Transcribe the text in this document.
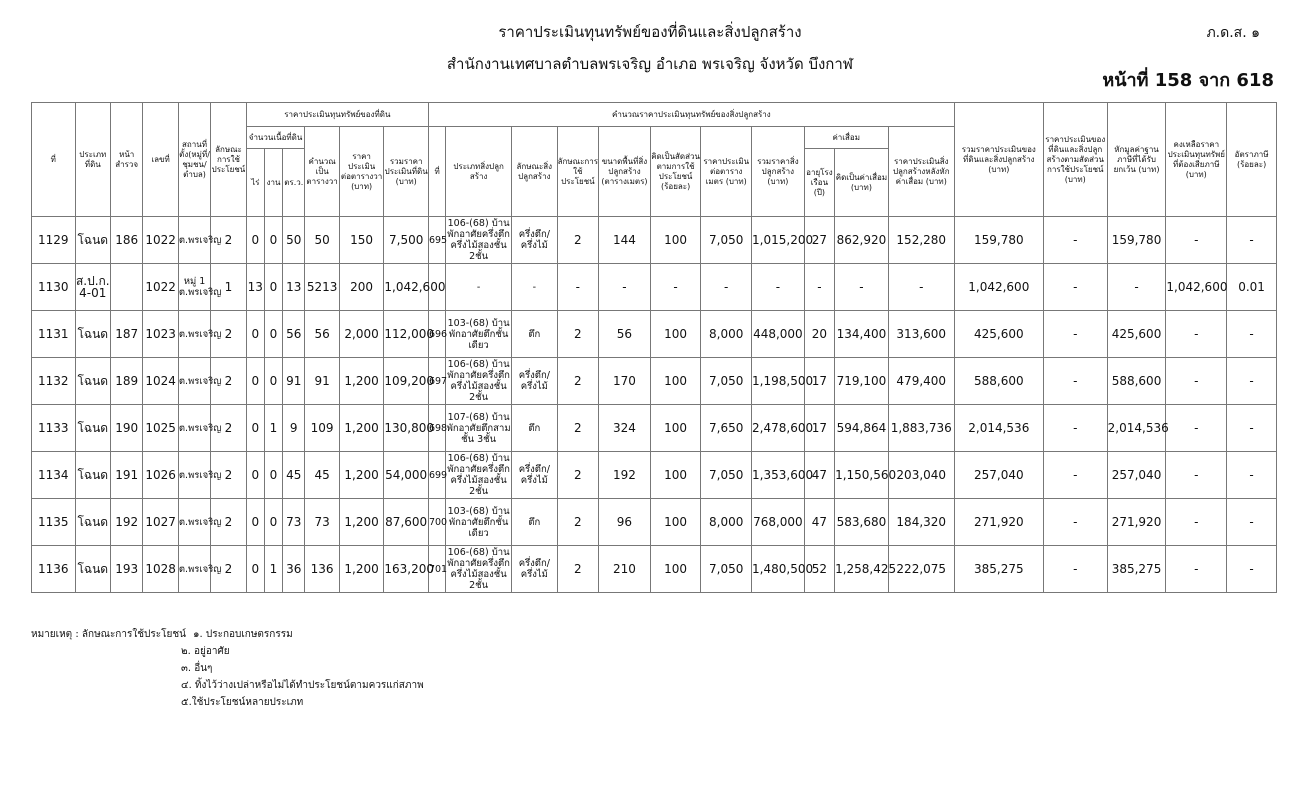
ราคาประเมินทุนทรัพย์ของที่ดินและสิ่งปลูกสร้าง
สำนักงานเทศบาลตำบลพรเจริญ อำเภอ พรเจริญ จังหวัด บึงกาฬ
ภ.ด.ส. ๑
หน้าที่ 158 จาก 618
ที่	ประเภทที่ดิน	หน้าสำรวจ	เลขที่	สถานที่ตั้ง(หมู่ที่/ชุมชน/ตำบล)	ลักษณะการใช้ประโยชน์	ราคาประเมินทุนทรัพย์ของที่ดิน						คำนวณราคาประเมินทุนทรัพย์ของสิ่งปลูกสร้าง											รวมราคาประเมินของที่ดินและสิ่งปลูกสร้าง (บาท)	ราคาประเมินของที่ดินและสิ่งปลูกสร้างตามสัดส่วนการใช้ประโยชน์ (บาท)	หักมูลค่าฐานภาษีที่ได้รับยกเว้น (บาท)	คงเหลือราคาประเมินทุนทรัพย์ที่ต้องเสียภาษี (บาท)	อัตราภาษี (ร้อยละ)
						จำนวนเนื้อที่ดิน			คำนวณเป็นตารางวา	ราคาประเมินต่อตารางวา (บาท)	รวมราคาประเมินที่ดิน (บาท)	ที่	ประเภทสิ่งปลูกสร้าง	ลักษณะสิ่งปลูกสร้าง	ลักษณะการใช้ประโยชน์	ขนาดพื้นที่สิ่งปลูกสร้าง (ตารางเมตร)	คิดเป็นสัดส่วนตามการใช้ประโยชน์ (ร้อยละ)	ราคาประเมินต่อตารางเมตร (บาท)	รวมราคาสิ่งปลูกสร้าง (บาท)	ค่าเสื่อม		ราคาประเมินสิ่งปลูกสร้างหลังหักค่าเสื่อม (บาท)					
						ไร่	งาน	ตร.ว.												อายุโรงเรือน (ปี)	คิดเป็นค่าเสื่อม (บาท)						

1129	โฉนด	186	1022	ต.พรเจริญ	2	0	0	50	50	150	7,500	695	106-(68) บ้านพักอาศัยครึ่งตึกครึ่งไม้สองชั้น 2ชั้น	ครึ่งตึก/ครึ่งไม้	2	144	100	7,050	1,015,200	27	862,920	152,280	159,780	-	159,780	-	-
1130	ส.ป.ก. 4-01		1022	หมู่ 1 ต.พรเจริญ	1	13	0	13	5213	200	1,042,600		-	-	-	-	-	-	-	-	-	-	1,042,600	-	-	1,042,600	0.01
1131	โฉนด	187	1023	ต.พรเจริญ	2	0	0	56	56	2,000	112,000	696	103-(68) บ้านพักอาศัยตึกชั้นเดียว	ตึก	2	56	100	8,000	448,000	20	134,400	313,600	425,600	-	425,600	-	-
1132	โฉนด	189	1024	ต.พรเจริญ	2	0	0	91	91	1,200	109,200	697	106-(68) บ้านพักอาศัยครึ่งตึกครึ่งไม้สองชั้น 2ชั้น	ครึ่งตึก/ครึ่งไม้	2	170	100	7,050	1,198,500	17	719,100	479,400	588,600	-	588,600	-	-
1133	โฉนด	190	1025	ต.พรเจริญ	2	0	1	9	109	1,200	130,800	698	107-(68) บ้านพักอาศัยตึกสามชั้น 3ชั้น	ตึก	2	324	100	7,650	2,478,600	17	594,864	1,883,736	2,014,536	-	2,014,536	-	-
1134	โฉนด	191	1026	ต.พรเจริญ	2	0	0	45	45	1,200	54,000	699	106-(68) บ้านพักอาศัยครึ่งตึกครึ่งไม้สองชั้น 2ชั้น	ครึ่งตึก/ครึ่งไม้	2	192	100	7,050	1,353,600	47	1,150,560	203,040	257,040	-	257,040	-	-
1135	โฉนด	192	1027	ต.พรเจริญ	2	0	0	73	73	1,200	87,600	700	103-(68) บ้านพักอาศัยตึกชั้นเดียว	ตึก	2	96	100	8,000	768,000	47	583,680	184,320	271,920	-	271,920	-	-
1136	โฉนด	193	1028	ต.พรเจริญ	2	0	1	36	136	1,200	163,200	701	106-(68) บ้านพักอาศัยครึ่งตึกครึ่งไม้สองชั้น 2ชั้น	ครึ่งตึก/ครึ่งไม้	2	210	100	7,050	1,480,500	52	1,258,425	222,075	385,275	-	385,275	-	-
หมายเหตุ : ลักษณะการใช้ประโยชน์ ๑. ประกอบเกษตรกรรม
๒. อยู่อาศัย
๓. อื่นๆ
๔. ทิ้งไว้ว่างเปล่าหรือไม่ได้ทำประโยชน์ตามควรแก่สภาพ
๕.ใช้ประโยชน์หลายประเภท
